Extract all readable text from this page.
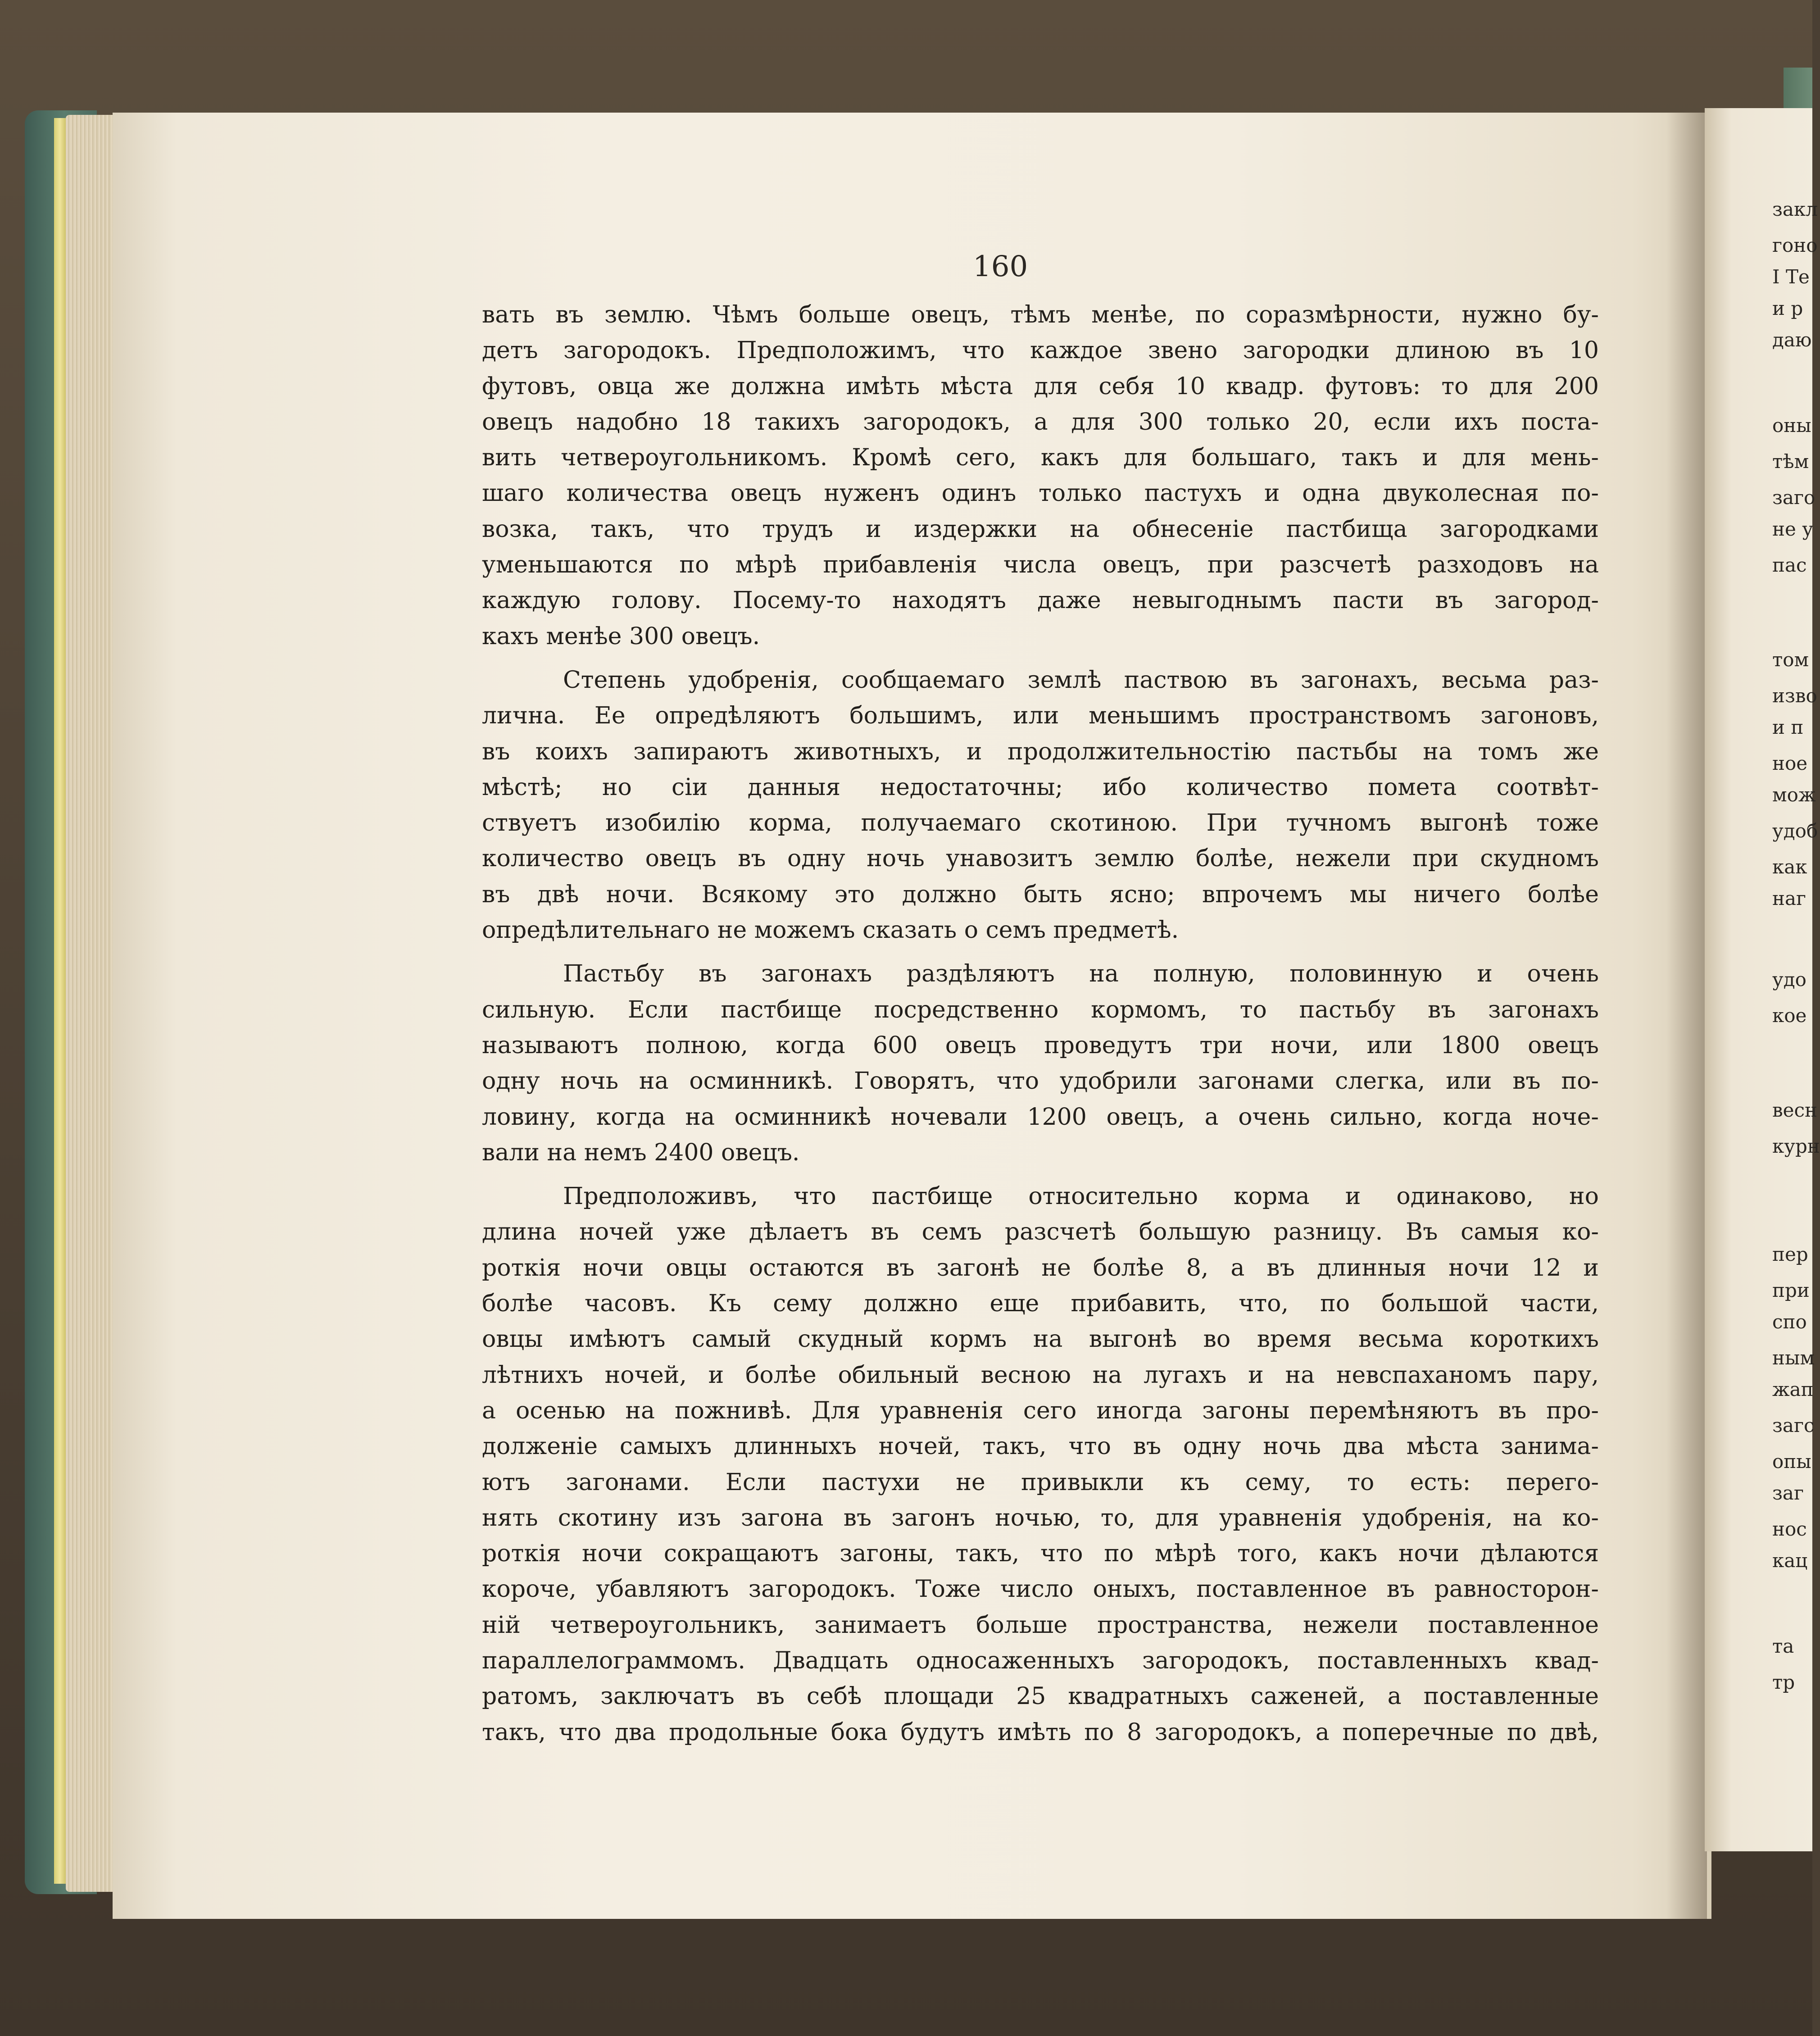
закл
гоно
I Те
и р
даю
оны
тѣм
заго
не у
пас
том
изво
и п
ное
мож
удоб
как
наг
удо
кое
весн
курн
пер
при
спо
ным
жап
загс
опы
заг
нос
кац
та
тр
160
вать въ землю. Чѣмъ больше овецъ, тѣмъ менѣе, по соразмѣрности, нужно бу-
детъ загородокъ. Предположимъ, что каждое звено загородки длиною въ 10
футовъ, овца же должна имѣть мѣста для себя 10 квадр. футовъ: то для 200
овецъ надобно 18 такихъ загородокъ, а для 300 только 20, если ихъ поста-
вить четвероугольникомъ. Кромѣ сего, какъ для большаго, такъ и для мень-
шаго количества овецъ нуженъ одинъ только пастухъ и одна двуколесная по-
возка, такъ, что трудъ и издержки на обнесеніе пастбища загородками
уменьшаются по мѣрѣ прибавленія числа овецъ, при разсчетѣ разходовъ на
каждую голову. Посему-то находятъ даже невыгоднымъ пасти въ загород-
кахъ менѣе 300 овецъ.
Степень удобренія, сообщаемаго землѣ паствою въ загонахъ, весьма раз-
лична. Ее опредѣляютъ большимъ, или меньшимъ пространствомъ загоновъ,
въ коихъ запираютъ животныхъ, и продолжительностію пастьбы на томъ же
мѣстѣ; но сіи данныя недостаточны; ибо количество помета соотвѣт-
ствуетъ изобилію корма, получаемаго скотиною. При тучномъ выгонѣ тоже
количество овецъ въ одну ночь унавозитъ землю болѣе, нежели при скудномъ
въ двѣ ночи. Всякому это должно быть ясно; впрочемъ мы ничего болѣе
опредѣлительнаго не можемъ сказать о семъ предметѣ.
Пастьбу въ загонахъ раздѣляютъ на полную, половинную и очень
сильную. Если пастбище посредственно кормомъ, то пастьбу въ загонахъ
называютъ полною, когда 600 овецъ проведутъ три ночи, или 1800 овецъ
одну ночь на осминникѣ. Говорятъ, что удобрили загонами слегка, или въ по-
ловину, когда на осминникѣ ночевали 1200 овецъ, а очень сильно, когда ноче-
вали на немъ 2400 овецъ.
Предположивъ, что пастбище относительно корма и одинаково, но
длина ночей уже дѣлаетъ въ семъ разсчетѣ большую разницу. Въ самыя ко-
роткія ночи овцы остаются въ загонѣ не болѣе 8, а въ длинныя ночи 12 и
болѣе часовъ. Къ сему должно еще прибавить, что, по большой части,
овцы имѣютъ самый скудный кормъ на выгонѣ во время весьма короткихъ
лѣтнихъ ночей, и болѣе обильный весною на лугахъ и на невспаханомъ пару,
а осенью на пожнивѣ. Для уравненія сего иногда загоны перемѣняютъ въ про-
долженіе самыхъ длинныхъ ночей, такъ, что въ одну ночь два мѣста занима-
ютъ загонами. Если пастухи не привыкли къ сему, то есть: перего-
нять скотину изъ загона въ загонъ ночью, то, для уравненія удобренія, на ко-
роткія ночи сокращаютъ загоны, такъ, что по мѣрѣ того, какъ ночи дѣлаются
короче, убавляютъ загородокъ. Тоже число оныхъ, поставленное въ равносторон-
ній четвероугольникъ, занимаетъ больше пространства, нежели поставленное
параллелограммомъ. Двадцать односаженныхъ загородокъ, поставленныхъ квад-
ратомъ, заключатъ въ себѣ площади 25 квадратныхъ саженей, а поставленные
такъ, что два продольные бока будутъ имѣть по 8 загородокъ, а поперечные по двѣ,
